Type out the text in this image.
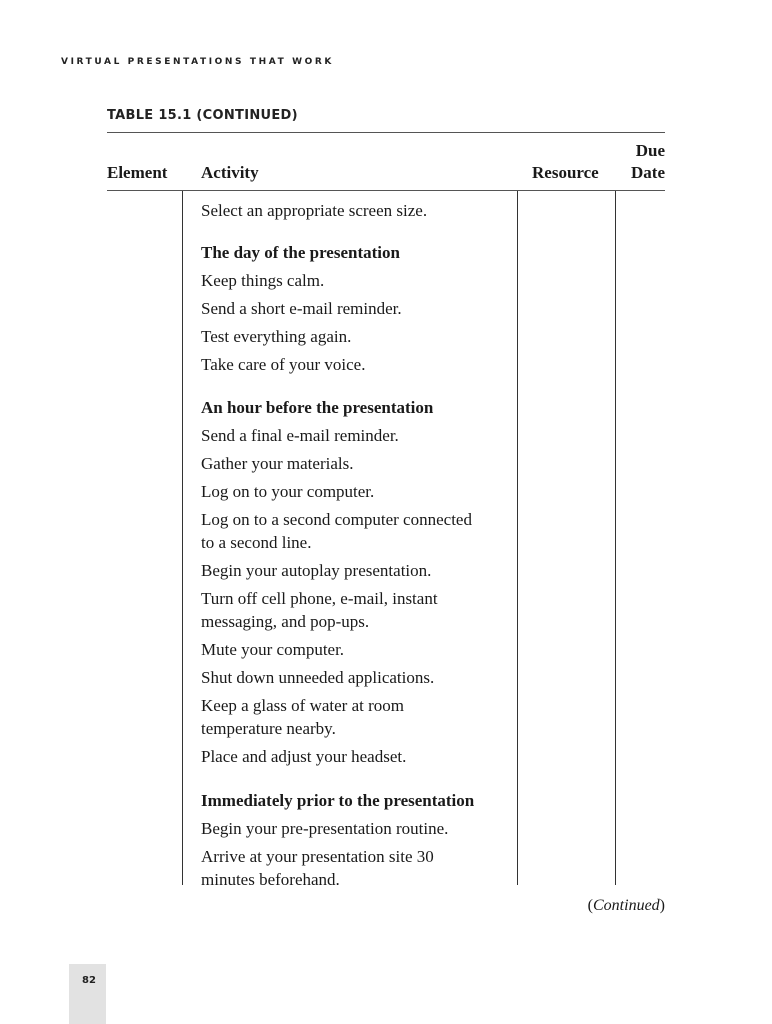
VIRTUAL PRESENTATIONS THAT WORK
TABLE 15.1 (CONTINUED)
Element Activity	Resource
Due
Date
Select an appropriate screen size.
The day of the presentation
Keep things calm.
Send a short e-mail reminder.
Test everything again.
Take care of your voice.
An hour before the presentation
Send a final e-mail reminder.
Gather your materials.
Log on to your computer.
Log on to a second computer connected
to a second line.
Begin your autoplay presentation.
Turn off cell phone, e-mail, instant
messaging, and pop-ups.
Mute your computer.
Shut down unneeded applications.
Keep a glass of water at room
temperature nearby.
Place and adjust your headset.
Immediately prior to the presentation
Begin your pre-presentation routine.
Arrive at your presentation site 30
minutes beforehand.
(Continued)
82
